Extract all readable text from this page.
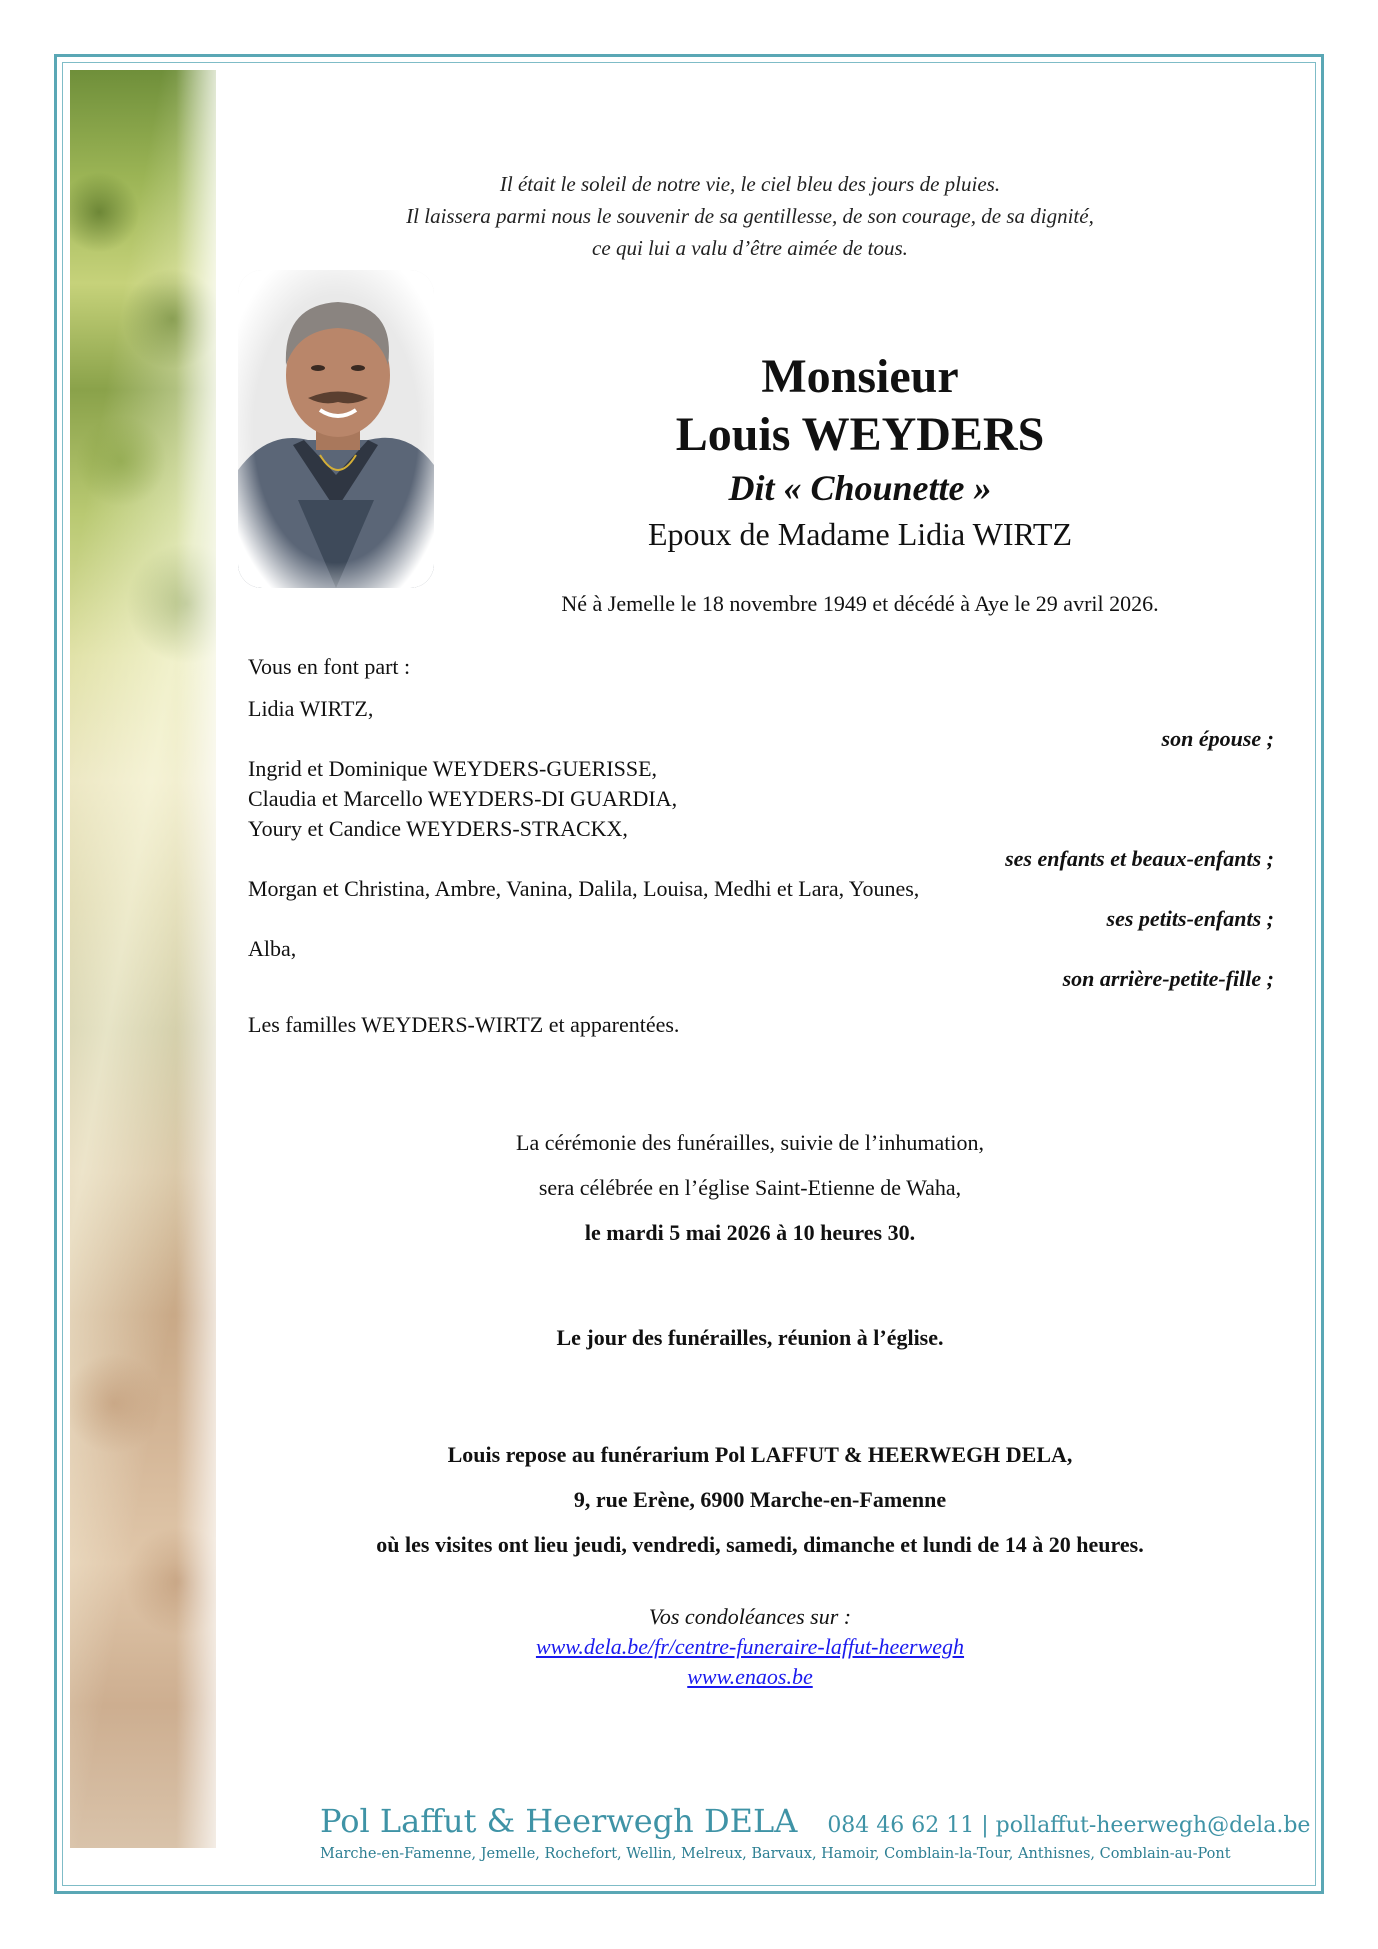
Il était le soleil de notre vie, le ciel bleu des jours de pluies.
Il laissera parmi nous le souvenir de sa gentillesse, de son courage, de sa dignité,
ce qui lui a valu d’être aimée de tous.
Monsieur
Louis WEYDERS
Dit « Chounette »
Epoux de Madame Lidia WIRTZ
Né à Jemelle le 18 novembre 1949 et décédé à Aye le 29 avril 2026.
Vous en font part :
Lidia WIRTZ,
son épouse ;
Ingrid et Dominique WEYDERS-GUERISSE,
Claudia et Marcello WEYDERS-DI GUARDIA,
Youry et Candice WEYDERS-STRACKX,
ses enfants et beaux-enfants ;
Morgan et Christina, Ambre, Vanina, Dalila, Louisa, Medhi et Lara, Younes,
ses petits-enfants ;
Alba,
son arrière-petite-fille ;
Les familles WEYDERS-WIRTZ et apparentées.
La cérémonie des funérailles, suivie de l’inhumation,
sera célébrée en l’église Saint-Etienne de Waha,
le mardi 5 mai 2026 à 10 heures 30.
Le jour des funérailles, réunion à l’église.
Louis repose au funérarium Pol LAFFUT & HEERWEGH DELA,
9, rue Erène, 6900 Marche-en-Famenne
où les visites ont lieu jeudi, vendredi, samedi, dimanche et lundi de 14 à 20 heures.
Vos condoléances sur :
www.dela.be/fr/centre-funeraire-laffut-heerwegh
www.enaos.be
Pol Laffut & Heerwegh DELA 084 46 62 11 | pollaffut-heerwegh@dela.be
Marche-en-Famenne, Jemelle, Rochefort, Wellin, Melreux, Barvaux, Hamoir, Comblain-la-Tour, Anthisnes, Comblain-au-Pont
